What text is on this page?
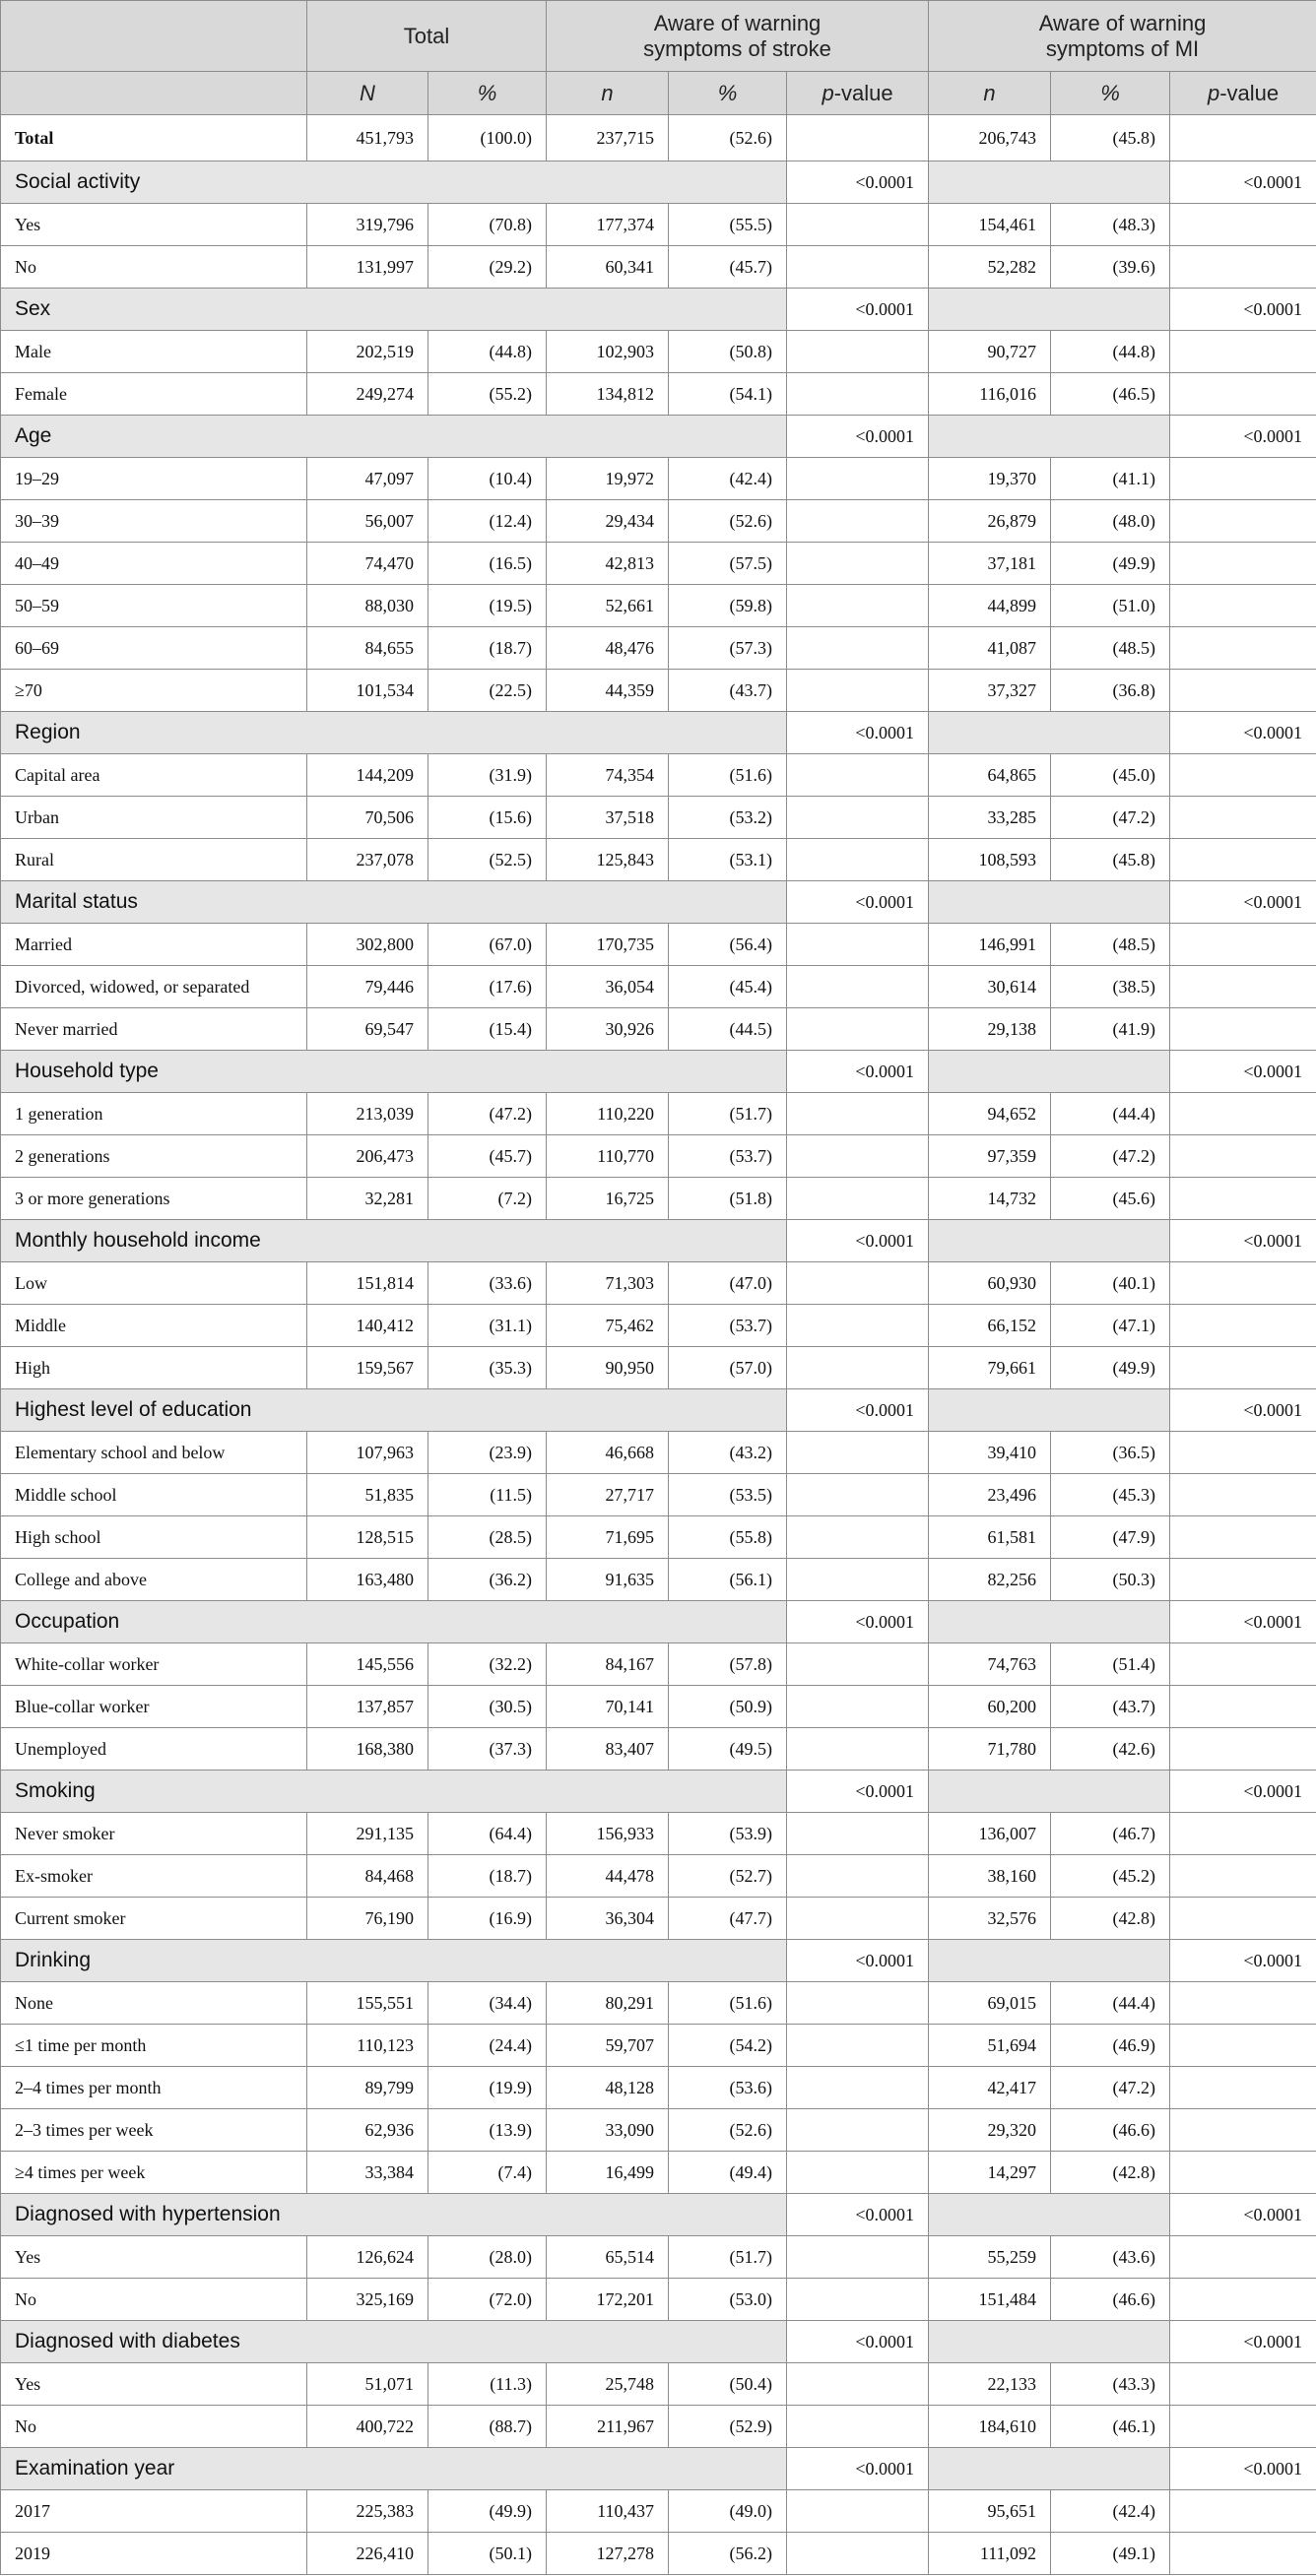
	Total		Aware of warning symptoms of stroke			Aware of warning symptoms of MI		
	N	%	n	%	p-value	n	%	p-value
Total	451,793	(100.0)	237,715	(52.6)		206,743	(45.8)	
Social activity					<0.0001			<0.0001
Yes	319,796	(70.8)	177,374	(55.5)		154,461	(48.3)	
No	131,997	(29.2)	60,341	(45.7)		52,282	(39.6)	
Sex					<0.0001			<0.0001
Male	202,519	(44.8)	102,903	(50.8)		90,727	(44.8)	
Female	249,274	(55.2)	134,812	(54.1)		116,016	(46.5)	
Age					<0.0001			<0.0001
19–29	47,097	(10.4)	19,972	(42.4)		19,370	(41.1)	
30–39	56,007	(12.4)	29,434	(52.6)		26,879	(48.0)	
40–49	74,470	(16.5)	42,813	(57.5)		37,181	(49.9)	
50–59	88,030	(19.5)	52,661	(59.8)		44,899	(51.0)	
60–69	84,655	(18.7)	48,476	(57.3)		41,087	(48.5)	
≥70	101,534	(22.5)	44,359	(43.7)		37,327	(36.8)	
Region					<0.0001			<0.0001
Capital area	144,209	(31.9)	74,354	(51.6)		64,865	(45.0)	
Urban	70,506	(15.6)	37,518	(53.2)		33,285	(47.2)	
Rural	237,078	(52.5)	125,843	(53.1)		108,593	(45.8)	
Marital status					<0.0001			<0.0001
Married	302,800	(67.0)	170,735	(56.4)		146,991	(48.5)	
Divorced, widowed, or separated	79,446	(17.6)	36,054	(45.4)		30,614	(38.5)	
Never married	69,547	(15.4)	30,926	(44.5)		29,138	(41.9)	
Household type					<0.0001			<0.0001
1 generation	213,039	(47.2)	110,220	(51.7)		94,652	(44.4)	
2 generations	206,473	(45.7)	110,770	(53.7)		97,359	(47.2)	
3 or more generations	32,281	(7.2)	16,725	(51.8)		14,732	(45.6)	
Monthly household income					<0.0001			<0.0001
Low	151,814	(33.6)	71,303	(47.0)		60,930	(40.1)	
Middle	140,412	(31.1)	75,462	(53.7)		66,152	(47.1)	
High	159,567	(35.3)	90,950	(57.0)		79,661	(49.9)	
Highest level of education					<0.0001			<0.0001
Elementary school and below	107,963	(23.9)	46,668	(43.2)		39,410	(36.5)	
Middle school	51,835	(11.5)	27,717	(53.5)		23,496	(45.3)	
High school	128,515	(28.5)	71,695	(55.8)		61,581	(47.9)	
College and above	163,480	(36.2)	91,635	(56.1)		82,256	(50.3)	
Occupation					<0.0001			<0.0001
White-collar worker	145,556	(32.2)	84,167	(57.8)		74,763	(51.4)	
Blue-collar worker	137,857	(30.5)	70,141	(50.9)		60,200	(43.7)	
Unemployed	168,380	(37.3)	83,407	(49.5)		71,780	(42.6)	
Smoking					<0.0001			<0.0001
Never smoker	291,135	(64.4)	156,933	(53.9)		136,007	(46.7)	
Ex-smoker	84,468	(18.7)	44,478	(52.7)		38,160	(45.2)	
Current smoker	76,190	(16.9)	36,304	(47.7)		32,576	(42.8)	
Drinking					<0.0001			<0.0001
None	155,551	(34.4)	80,291	(51.6)		69,015	(44.4)	
≤1 time per month	110,123	(24.4)	59,707	(54.2)		51,694	(46.9)	
2–4 times per month	89,799	(19.9)	48,128	(53.6)		42,417	(47.2)	
2–3 times per week	62,936	(13.9)	33,090	(52.6)		29,320	(46.6)	
≥4 times per week	33,384	(7.4)	16,499	(49.4)		14,297	(42.8)	
Diagnosed with hypertension					<0.0001			<0.0001
Yes	126,624	(28.0)	65,514	(51.7)		55,259	(43.6)	
No	325,169	(72.0)	172,201	(53.0)		151,484	(46.6)	
Diagnosed with diabetes					<0.0001			<0.0001
Yes	51,071	(11.3)	25,748	(50.4)		22,133	(43.3)	
No	400,722	(88.7)	211,967	(52.9)		184,610	(46.1)	
Examination year					<0.0001			<0.0001
2017	225,383	(49.9)	110,437	(49.0)		95,651	(42.4)	
2019	226,410	(50.1)	127,278	(56.2)		111,092	(49.1)	
